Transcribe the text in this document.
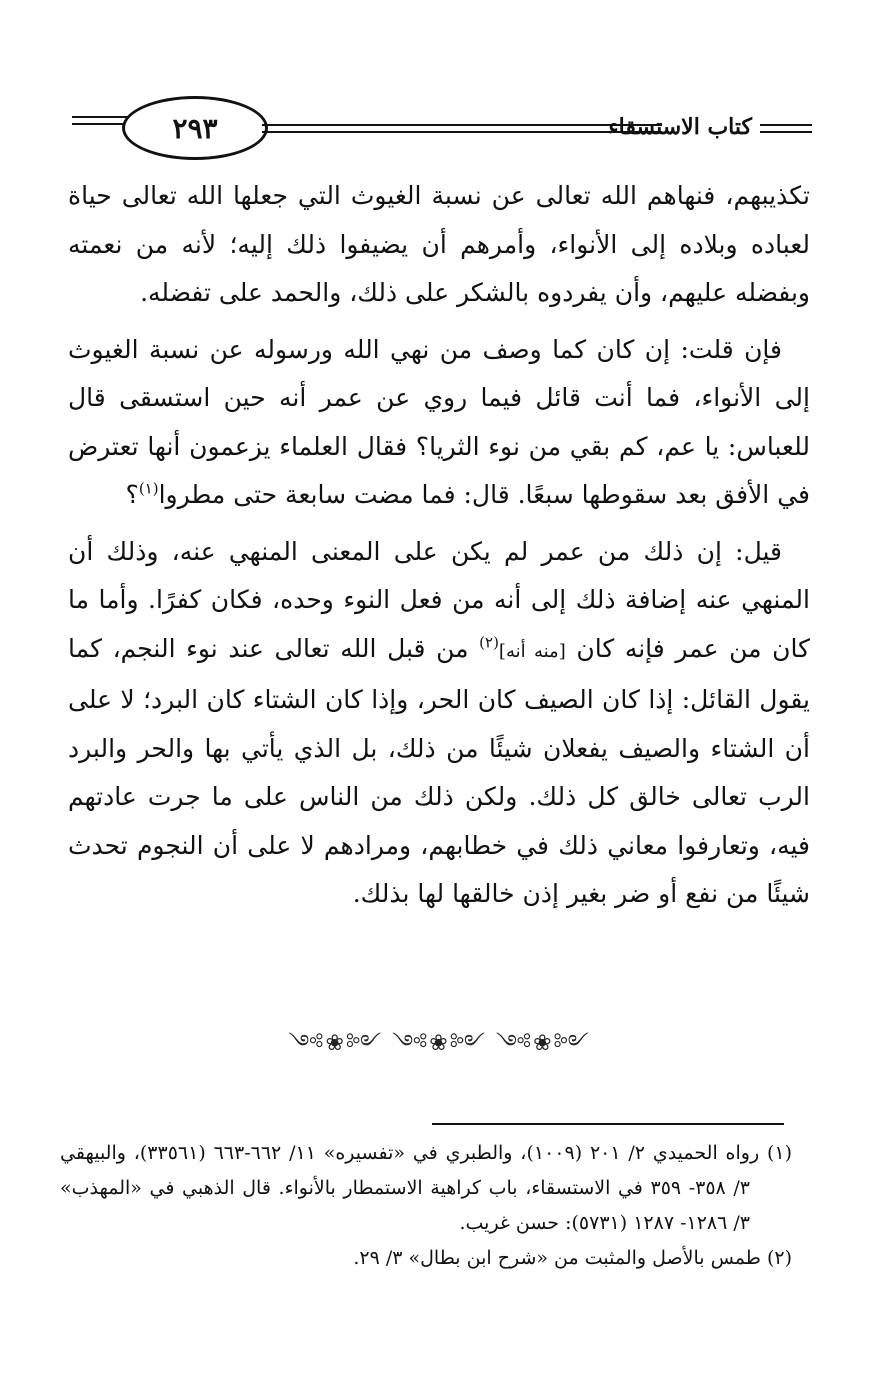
٢٩٣	كتاب الاستسقاء

تكذيبهم، فنهاهم الله تعالى عن نسبة الغيوث التي جعلها الله تعالى حياة لعباده وبلاده إلى الأنواء، وأمرهم أن يضيفوا ذلك إليه؛ لأنه من نعمته وبفضله عليهم، وأن يفردوه بالشكر على ذلك، والحمد على تفضله.

فإن قلت: إن كان كما وصف من نهي الله ورسوله عن نسبة الغيوث إلى الأنواء، فما أنت قائل فيما روي عن عمر أنه حين استسقى قال للعباس: يا عم، كم بقي من نوء الثريا؟ فقال العلماء يزعمون أنها تعترض في الأفق بعد سقوطها سبعًا. قال: فما مضت سابعة حتى مطروا$^{(١)}$؟

قيل: إن ذلك من عمر لم يكن على المعنى المنهي عنه، وذلك أن المنهي عنه إضافة ذلك إلى أنه من فعل النوء وحده، فكان كفرًا. وأما ما كان من عمر فإنه كان [منه أنه]$^{(٢)}$ من قبل الله تعالى عند نوء النجم، كما يقول القائل: إذا كان الصيف كان الحر، وإذا كان الشتاء كان البرد؛ لا على أن الشتاء والصيف يفعلان شيئًا من ذلك، بل الذي يأتي بها والحر والبرد الرب تعالى خالق كل ذلك. ولكن ذلك من الناس على ما جرت عادتهم فيه، وتعارفوا معاني ذلك في خطابهم، ومرادهم لا على أن النجوم تحدث شيئًا من نفع أو ضر بغير إذن خالقها لها بذلك.

༺❀༻ ༺❀༻ ༺❀༻

(١) رواه الحميدي ٢/ ٢٠١ (١٠٠٩)، والطبري في «تفسيره» ١١/ ٦٦٢-٦٦٣ (٣٣٥٦١)، والبيهقي ٣/ ٣٥٨- ٣٥٩ في الاستسقاء، باب كراهية الاستمطار بالأنواء. قال الذهبي في «المهذب» ٣/ ١٢٨٦- ١٢٨٧ (٥٧٣١): حسن غريب.

(٢) طمس بالأصل والمثبت من «شرح ابن بطال» ٣/ ٢٩.
